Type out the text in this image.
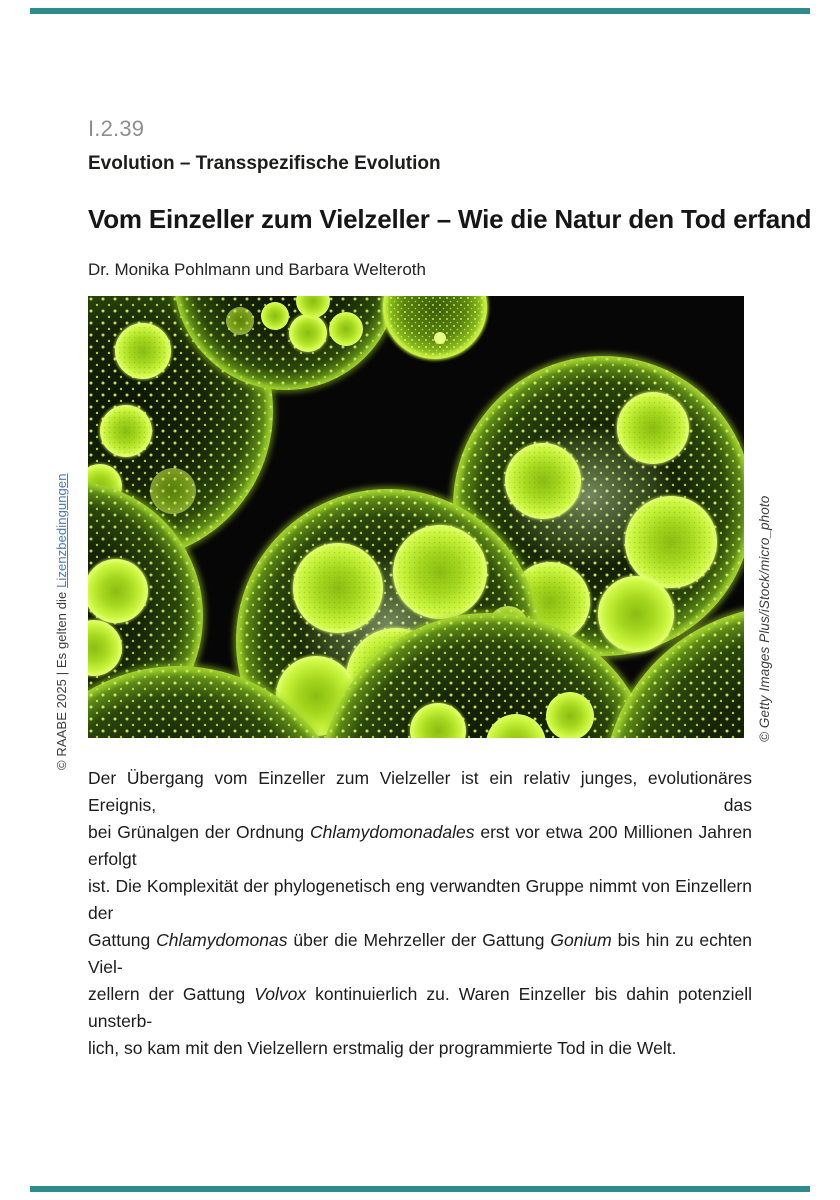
I.2.39
Evolution – Transspezifische Evolution
Vom Einzeller zum Vielzeller – Wie die Natur den Tod erfand
Dr. Monika Pohlmann und Barbara Welteroth
© RAABE 2025 | Es gelten die Lizenzbedingungen	© Getty Images Plus/iStock/micro_photo
Der Übergang vom Einzeller zum Vielzeller ist ein relativ junges, evolutionäres Ereignis, das
bei Grünalgen der Ordnung Chlamydomonadales erst vor etwa 200 Millionen Jahren erfolgt
ist. Die Komplexität der phylogenetisch eng verwandten Gruppe nimmt von Einzellern der
Gattung Chlamydomonas über die Mehrzeller der Gattung Gonium bis hin zu echten Viel-
zellern der Gattung Volvox kontinuierlich zu. Waren Einzeller bis dahin potenziell unsterb-
lich, so kam mit den Vielzellern erstmalig der programmierte Tod in die Welt.
